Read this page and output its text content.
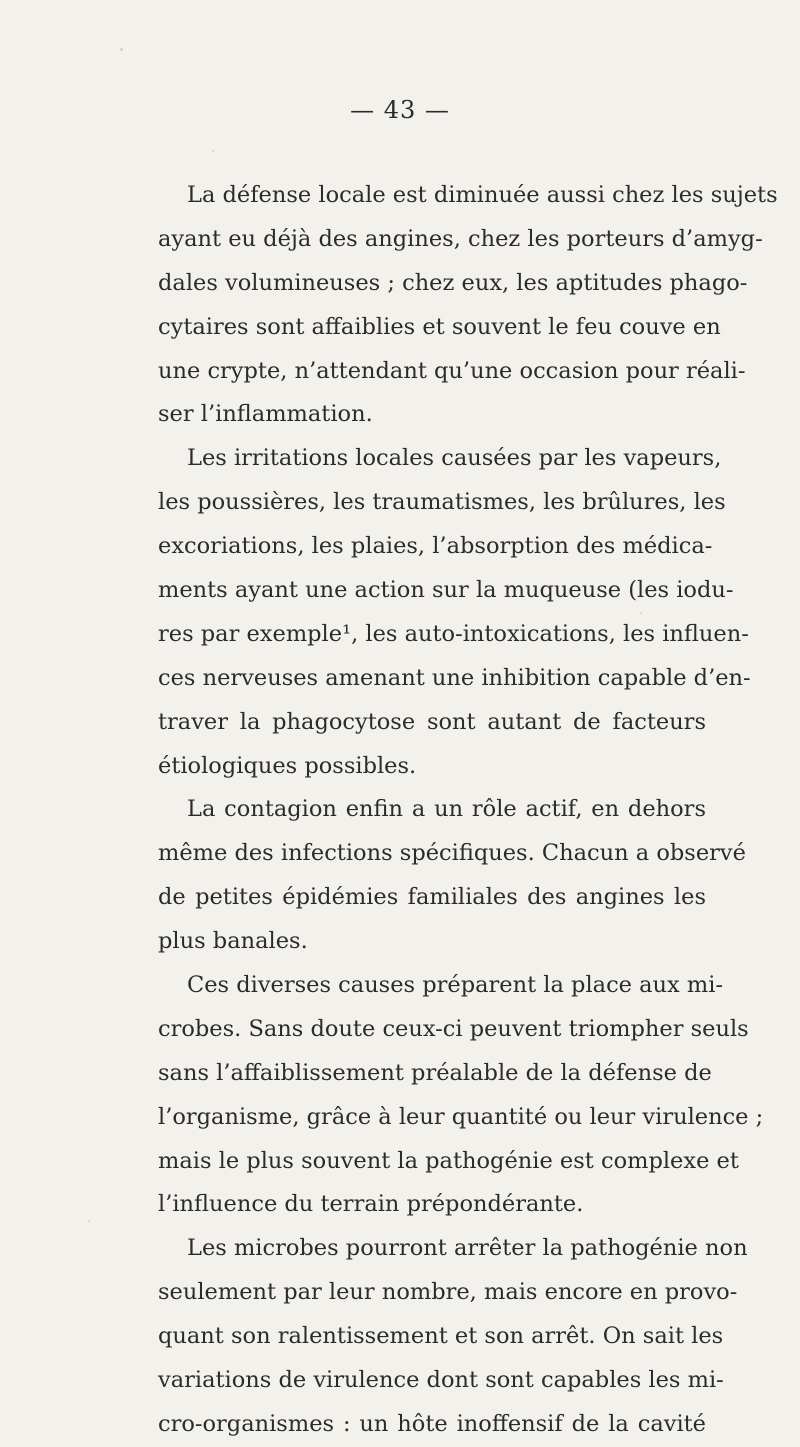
— 43 —
La défense locale est diminuée aussi chez les sujets
ayant eu déjà des angines, chez les porteurs d’amyg-
dales volumineuses ; chez eux, les aptitudes phago-
cytaires sont affaiblies et souvent le feu couve en
une crypte, n’attendant qu’une occasion pour réali-
ser l’inflammation.
Les irritations locales causées par les vapeurs,
les poussières, les traumatismes, les brûlures, les
excoriations, les plaies, l’absorption des médica-
ments ayant une action sur la muqueuse (les iodu-
res par exemple¹, les auto-intoxications, les influen-
ces nerveuses amenant une inhibition capable d’en-
traver la phagocytose sont autant de facteurs
étiologiques possibles.
La contagion enfin a un rôle actif, en dehors
même des infections spécifiques. Chacun a observé
de petites épidémies familiales des angines les
plus banales.
Ces diverses causes préparent la place aux mi-
crobes. Sans doute ceux-ci peuvent triompher seuls
sans l’affaiblissement préalable de la défense de
l’organisme, grâce à leur quantité ou leur virulence ;
mais le plus souvent la pathogénie est complexe et
l’influence du terrain prépondérante.
Les microbes pourront arrêter la pathogénie non
seulement par leur nombre, mais encore en provo-
quant son ralentissement et son arrêt. On sait les
variations de virulence dont sont capables les mi-
cro-organismes : un hôte inoffensif de la cavité
